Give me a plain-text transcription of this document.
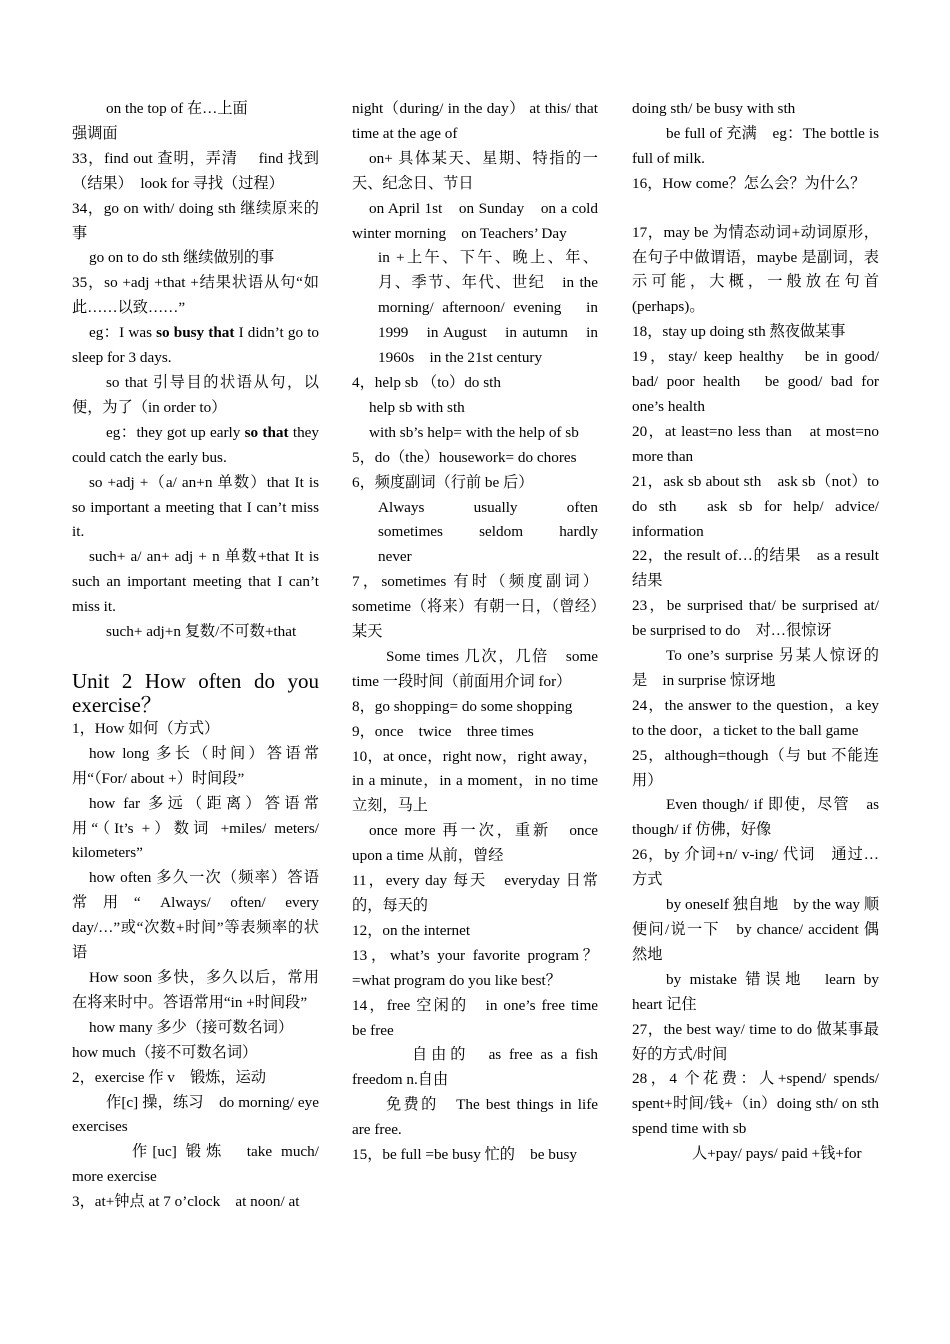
on the top of 在…上面

强调面

33，find out 查明，弄清　 find 找到（结果）　look for 寻找（过程）

34，go on with/ doing sth 继续原来的事

go on to do sth 继续做别的事

35，so +adj +that +结果状语从句“如此……以致……”

eg：I was so busy that I didn’t go to sleep for 3 days.

so that 引导目的状语从句，以便，为了（in order to）

eg：they got up early so that they could catch the early bus.

so +adj +（a/ an+n 单数）that It is so important a meeting that I can’t miss it.

such+ a/ an+ adj + n 单数+that It is such an important meeting that I can’t miss it.

such+ adj+n 复数/不可数+that

Unit 2 How often do you exercise？

1，How 如何（方式）

how long 多长（时间）答语常用“（For/ about +）时间段”

how far 多远（距离）答语常用“（It’s +）数词 +miles/ meters/ kilometers”

how often 多久一次（频率）答语常用“ Always/ often/ every day/…”或“次数+时间”等表频率的状语

How soon 多快，多久以后，常用在将来时中。答语常用“in +时间段”

how many 多少（接可数名词）

how much（接不可数名词）

2，exercise 作 v　锻炼，运动

作[c] 操，练习　do morning/ eye exercises

作[uc] 锻炼　take much/ more exercise

3，at+钟点 at 7 o’clock　at noon/ at

night（during/ in the day） at this/ that time at the age of

on+ 具体某天、星期、特指的一天、纪念日、节日

on April 1st　on Sunday　on a cold winter morning　on Teachers’ Day

in +上午、下午、晚上、年、月、季节、年代、世纪　in the morning/ afternoon/ evening　in 1999　in August　in autumn　in 1960s　in the 21st century

4，help sb （to）do sth

help sb with sth

with sb’s help= with the help of sb

5，do（the）housework= do chores

6，频度副词（行前 be 后）

Always　usually　often　sometimes　seldom　hardly　never

7，sometimes 有时（频度副词） sometime（将来）有朝一日，（曾经）某天

Some times 几次，几倍　some time 一段时间（前面用介词 for）

8，go shopping= do some shopping

9，once　twice　three times

10，at once，right now，right away，in a minute，in a moment，in no time 立刻，马上

once more 再一次，重新　once upon a time 从前，曾经

11，every day 每天　everyday 日常的，每天的

12，on the internet

13，what’s your favorite program？=what program do you like best？

14，free 空闲的　in one’s free time　be free

自由的　as free as a fish　freedom n.自由

免费的　The best things in life are free.

15，be full =be busy 忙的　be busy

doing sth/ be busy with sth

be full of 充满　eg：The bottle is full of milk.

16，How come？怎么会？为什么？

17，may be 为情态动词+动词原形，在句子中做谓语，maybe 是副词，表示可能，大概，一般放在句首(perhaps)。

18，stay up doing sth 熬夜做某事

19，stay/ keep healthy　be in good/ bad/ poor health　be good/ bad for one’s health

20，at least=no less than　at most=no more than

21，ask sb about sth　ask sb（not）to do sth　ask sb for help/ advice/ information

22，the result of…的结果　as a result 结果

23，be surprised that/ be surprised at/ be surprised to do　对…很惊讶

To one’s surprise 另某人惊讶的是　in surprise 惊讶地

24，the answer to the question，a key to the door，a ticket to the ball game

25，although=though（与 but 不能连用）

Even though/ if 即使，尽管　as though/ if 仿佛，好像

26，by 介词+n/ v-ing/ 代词　通过…方式

by oneself 独自地　by the way 顺便问/说一下　by chance/ accident 偶然地

by mistake 错误地　learn by heart 记住

27，the best way/ time to do 做某事最好的方式/时间

28，4 个花费：人+spend/ spends/ spent+时间/钱+（in）doing sth/ on sth　spend time with sb

人+pay/ pays/ paid +钱+for
